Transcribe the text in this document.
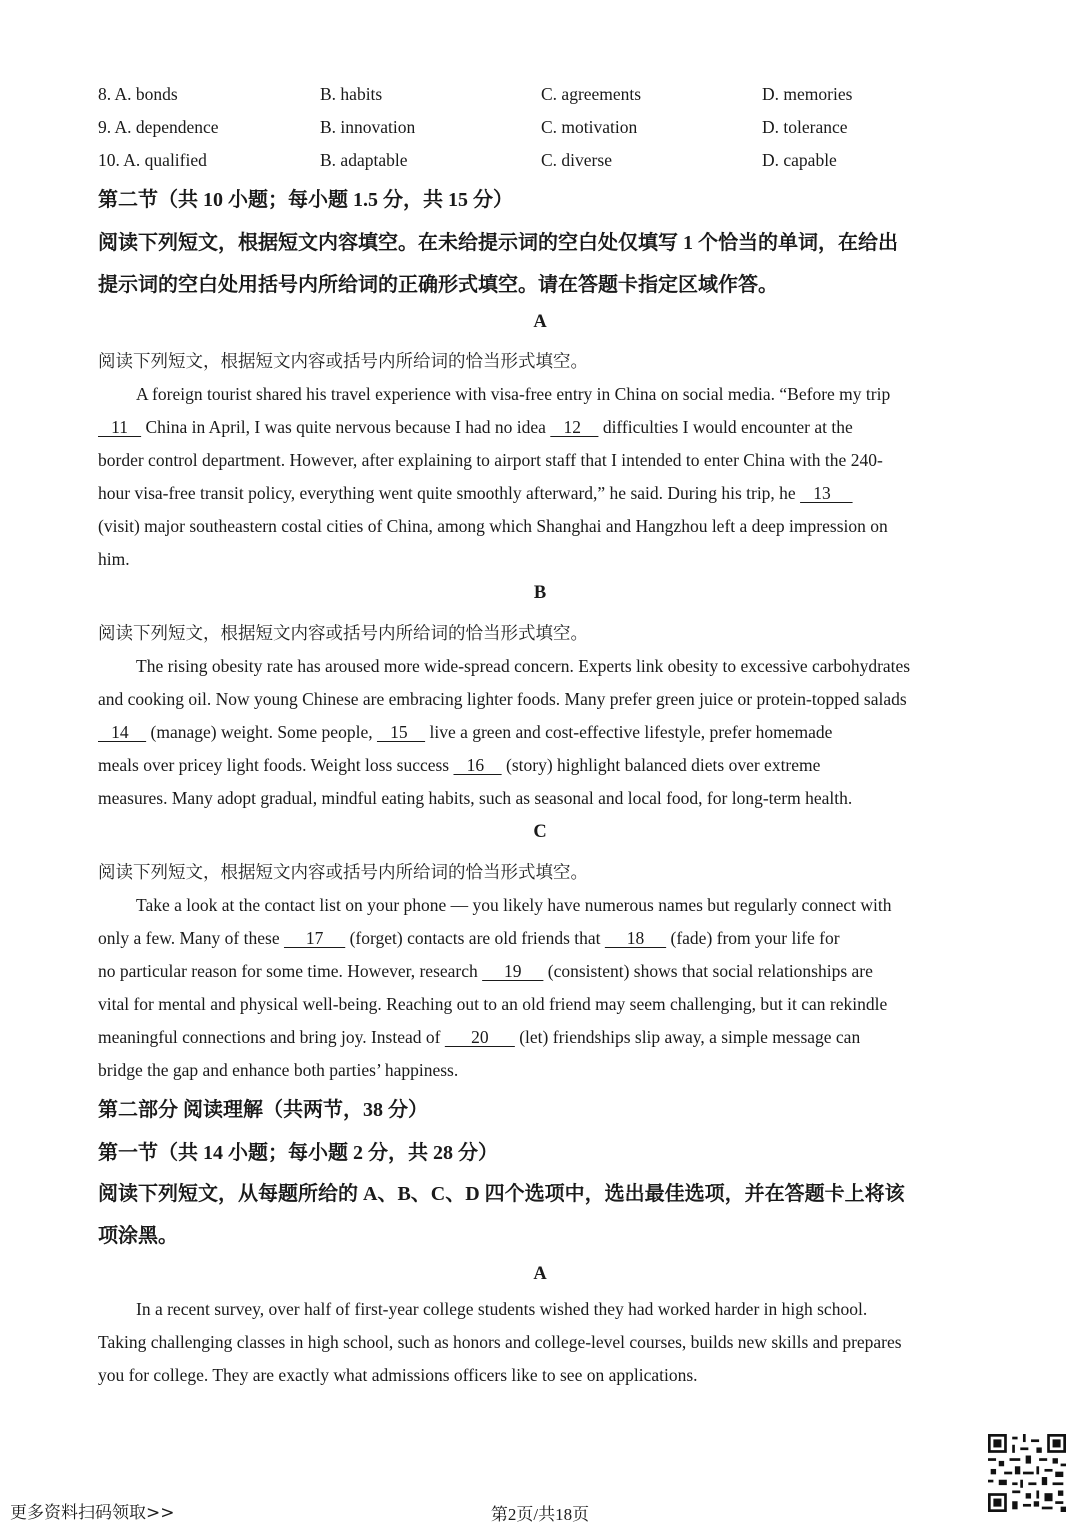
8. A. bonds	B. habits	C. agreements	D. memories
9. A. dependence	B. innovation	C. motivation	D. tolerance
10. A. qualified	B. adaptable	C. diverse	D. capable
第二节（共 10 小题；每小题 1.5 分，共 15 分）
阅读下列短文，根据短文内容填空。在未给提示词的空白处仅填写 1 个恰当的单词，在给出
提示词的空白处用括号内所给词的正确形式填空。请在答题卡指定区域作答。
A
阅读下列短文，根据短文内容或括号内所给词的恰当形式填空。
A foreign tourist shared his travel experience with visa-free entry in China on social media. “Before my trip
11    China in April, I was quite nervous because I had no idea    12     difficulties I would encounter at the
border control department. However, after explaining to airport staff that I intended to enter China with the 240-
hour visa-free transit policy, everything went quite smoothly afterward,” he said. During his trip, he    13
(visit) major southeastern costal cities of China, among which Shanghai and Hangzhou left a deep impression on
him.
B
阅读下列短文，根据短文内容或括号内所给词的恰当形式填空。
The rising obesity rate has aroused more wide-spread concern. Experts link obesity to excessive carbohydrates
and cooking oil. Now young Chinese are embracing lighter foods. Many prefer green juice or protein-topped salads
14     (manage) weight. Some people,    15     live a green and cost-effective lifestyle, prefer homemade
meals over pricey light foods. Weight loss success    16     (story) highlight balanced diets over extreme
measures. Many adopt gradual, mindful eating habits, such as seasonal and local food, for long-term health.
C
阅读下列短文，根据短文内容或括号内所给词的恰当形式填空。
Take a look at the contact list on your phone — you likely have numerous names but regularly connect with
only a few. Many of these      17      (forget) contacts are old friends that      18      (fade) from your life for
no particular reason for some time. However, research      19      (consistent) shows that social relationships are
vital for mental and physical well-being. Reaching out to an old friend may seem challenging, but it can rekindle
meaningful connections and bring joy. Instead of       20       (let) friendships slip away, a simple message can
bridge the gap and enhance both parties’ happiness.
第二部分 阅读理解（共两节，38 分）
第一节（共 14 小题；每小题 2 分，共 28 分）
阅读下列短文，从每题所给的 A、B、C、D 四个选项中，选出最佳选项，并在答题卡上将该
项涂黑。
A
In a recent survey, over half of first-year college students wished they had worked harder in high school.
Taking challenging classes in high school, such as honors and college-level courses, builds new skills and prepares
you for college. They are exactly what admissions officers like to see on applications.
更多资料扫码领取>>	第2页/共18页
